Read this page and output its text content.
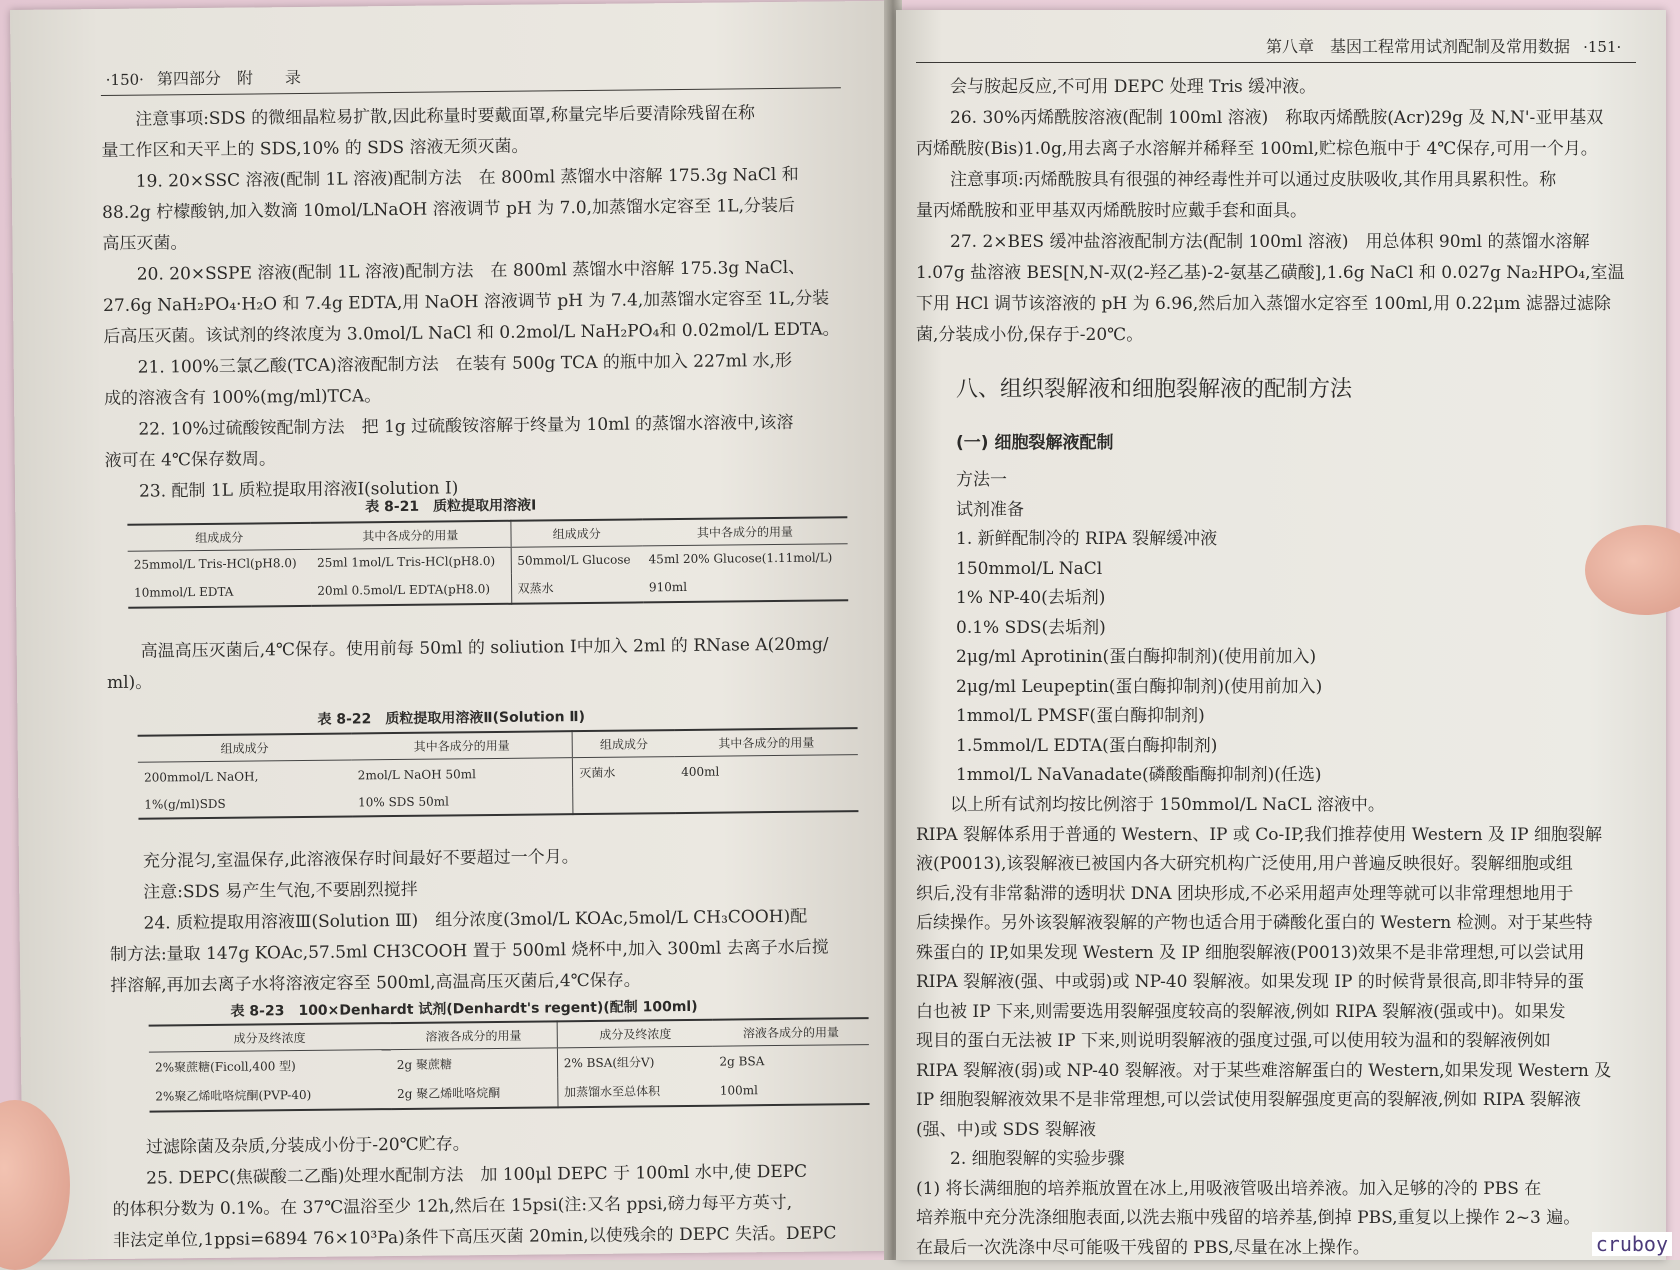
·150· 第四部分　附　　录
注意事项:SDS 的微细晶粒易扩散,因此称量时要戴面罩,称量完毕后要清除残留在称
量工作区和天平上的 SDS,10% 的 SDS 溶液无须灭菌。
19. 20×SSC 溶液(配制 1L 溶液)配制方法　在 800ml 蒸馏水中溶解 175.3g NaCl 和
88.2g 柠檬酸钠,加入数滴 10mol/LNaOH 溶液调节 pH 为 7.0,加蒸馏水定容至 1L,分装后
高压灭菌。
20. 20×SSPE 溶液(配制 1L 溶液)配制方法　在 800ml 蒸馏水中溶解 175.3g NaCl、
27.6g NaH₂PO₄·H₂O 和 7.4g EDTA,用 NaOH 溶液调节 pH 为 7.4,加蒸馏水定容至 1L,分装
后高压灭菌。该试剂的终浓度为 3.0mol/L NaCl 和 0.2mol/L NaH₂PO₄和 0.02mol/L EDTA。
21. 100%三氯乙酸(TCA)溶液配制方法　在装有 500g TCA 的瓶中加入 227ml 水,形
成的溶液含有 100%(mg/ml)TCA。
22. 10%过硫酸铵配制方法　把 1g 过硫酸铵溶解于终量为 10ml 的蒸馏水溶液中,该溶
液可在 4℃保存数周。
23. 配制 1L 质粒提取用溶液Ⅰ(solution Ⅰ)
表 8-21　质粒提取用溶液Ⅰ
组成成分	其中各成分的用量	组成成分	其中各成分的用量
25mmol/L Tris-HCl(pH8.0)	25ml 1mol/L Tris-HCl(pH8.0)	50mmol/L Glucose	45ml 20% Glucose(1.11mol/L)
10mmol/L EDTA	20ml 0.5mol/L EDTA(pH8.0)	双蒸水	910ml
高温高压灭菌后,4℃保存。使用前每 50ml 的 soliution Ⅰ中加入 2ml 的 RNase A(20mg/
ml)。
表 8-22　质粒提取用溶液Ⅱ(Solution Ⅱ)
组成成分	其中各成分的用量	组成成分	其中各成分的用量
200mmol/L NaOH,	2mol/L NaOH 50ml	灭菌水	400ml
1%(g/ml)SDS	10% SDS 50ml		
充分混匀,室温保存,此溶液保存时间最好不要超过一个月。
注意:SDS 易产生气泡,不要剧烈搅拌
24. 质粒提取用溶液Ⅲ(Solution Ⅲ)　组分浓度(3mol/L KOAc,5mol/L CH₃COOH)配
制方法:量取 147g KOAc,57.5ml CH3COOH 置于 500ml 烧杯中,加入 300ml 去离子水后搅
拌溶解,再加去离子水将溶液定容至 500ml,高温高压灭菌后,4℃保存。
表 8-23　100×Denhardt 试剂(Denhardt's regent)(配制 100ml)
成分及终浓度	溶液各成分的用量	成分及终浓度	溶液各成分的用量
2%聚蔗糖(Ficoll,400 型)	2g 聚蔗糖	2% BSA(组分Ⅴ)	2g BSA
2%聚乙烯吡咯烷酮(PVP-40)	2g 聚乙烯吡咯烷酮	加蒸馏水至总体积	100ml
过滤除菌及杂质,分装成小份于-20℃贮存。
25. DEPC(焦碳酸二乙酯)处理水配制方法　加 100μl DEPC 于 100ml 水中,使 DEPC
的体积分数为 0.1%。在 37℃温浴至少 12h,然后在 15psi(注:又名 ppsi,磅力每平方英寸,
非法定单位,1ppsi=6894 76×10³Pa)条件下高压灭菌 20min,以使残余的 DEPC 失活。DEPC
第八章　基因工程常用试剂配制及常用数据 ·151·
会与胺起反应,不可用 DEPC 处理 Tris 缓冲液。
26. 30%丙烯酰胺溶液(配制 100ml 溶液)　称取丙烯酰胺(Acr)29g 及 N,N'-亚甲基双
丙烯酰胺(Bis)1.0g,用去离子水溶解并稀释至 100ml,贮棕色瓶中于 4℃保存,可用一个月。
注意事项:丙烯酰胺具有很强的神经毒性并可以通过皮肤吸收,其作用具累积性。称
量丙烯酰胺和亚甲基双丙烯酰胺时应戴手套和面具。
27. 2×BES 缓冲盐溶液配制方法(配制 100ml 溶液)　用总体积 90ml 的蒸馏水溶解
1.07g 盐溶液 BES[N,N-双(2-羟乙基)-2-氨基乙磺酸],1.6g NaCl 和 0.027g Na₂HPO₄,室温
下用 HCl 调节该溶液的 pH 为 6.96,然后加入蒸馏水定容至 100ml,用 0.22μm 滤器过滤除
菌,分装成小份,保存于-20℃。
八、组织裂解液和细胞裂解液的配制方法
(一) 细胞裂解液配制
方法一
试剂准备
1. 新鲜配制冷的 RIPA 裂解缓冲液
150mmol/L NaCl
1% NP-40(去垢剂)
0.1% SDS(去垢剂)
2μg/ml Aprotinin(蛋白酶抑制剂)(使用前加入)
2μg/ml Leupeptin(蛋白酶抑制剂)(使用前加入)
1mmol/L PMSF(蛋白酶抑制剂)
1.5mmol/L EDTA(蛋白酶抑制剂)
1mmol/L NaVanadate(磷酸酯酶抑制剂)(任选)
以上所有试剂均按比例溶于 150mmol/L NaCL 溶液中。
RIPA 裂解体系用于普通的 Western、IP 或 Co-IP,我们推荐使用 Western 及 IP 细胞裂解
液(P0013),该裂解液已被国内各大研究机构广泛使用,用户普遍反映很好。裂解细胞或组
织后,没有非常黏滞的透明状 DNA 团块形成,不必采用超声处理等就可以非常理想地用于
后续操作。另外该裂解液裂解的产物也适合用于磷酸化蛋白的 Western 检测。对于某些特
殊蛋白的 IP,如果发现 Western 及 IP 细胞裂解液(P0013)效果不是非常理想,可以尝试用
RIPA 裂解液(强、中或弱)或 NP-40 裂解液。如果发现 IP 的时候背景很高,即非特异的蛋
白也被 IP 下来,则需要选用裂解强度较高的裂解液,例如 RIPA 裂解液(强或中)。如果发
现目的蛋白无法被 IP 下来,则说明裂解液的强度过强,可以使用较为温和的裂解液例如
RIPA 裂解液(弱)或 NP-40 裂解液。对于某些难溶解蛋白的 Western,如果发现 Western 及
IP 细胞裂解液效果不是非常理想,可以尝试使用裂解强度更高的裂解液,例如 RIPA 裂解液
(强、中)或 SDS 裂解液
2. 细胞裂解的实验步骤
(1) 将长满细胞的培养瓶放置在冰上,用吸液管吸出培养液。加入足够的冷的 PBS 在
培养瓶中充分洗涤细胞表面,以洗去瓶中残留的培养基,倒掉 PBS,重复以上操作 2~3 遍。
在最后一次洗涤中尽可能吸干残留的 PBS,尽量在冰上操作。	cruboy
